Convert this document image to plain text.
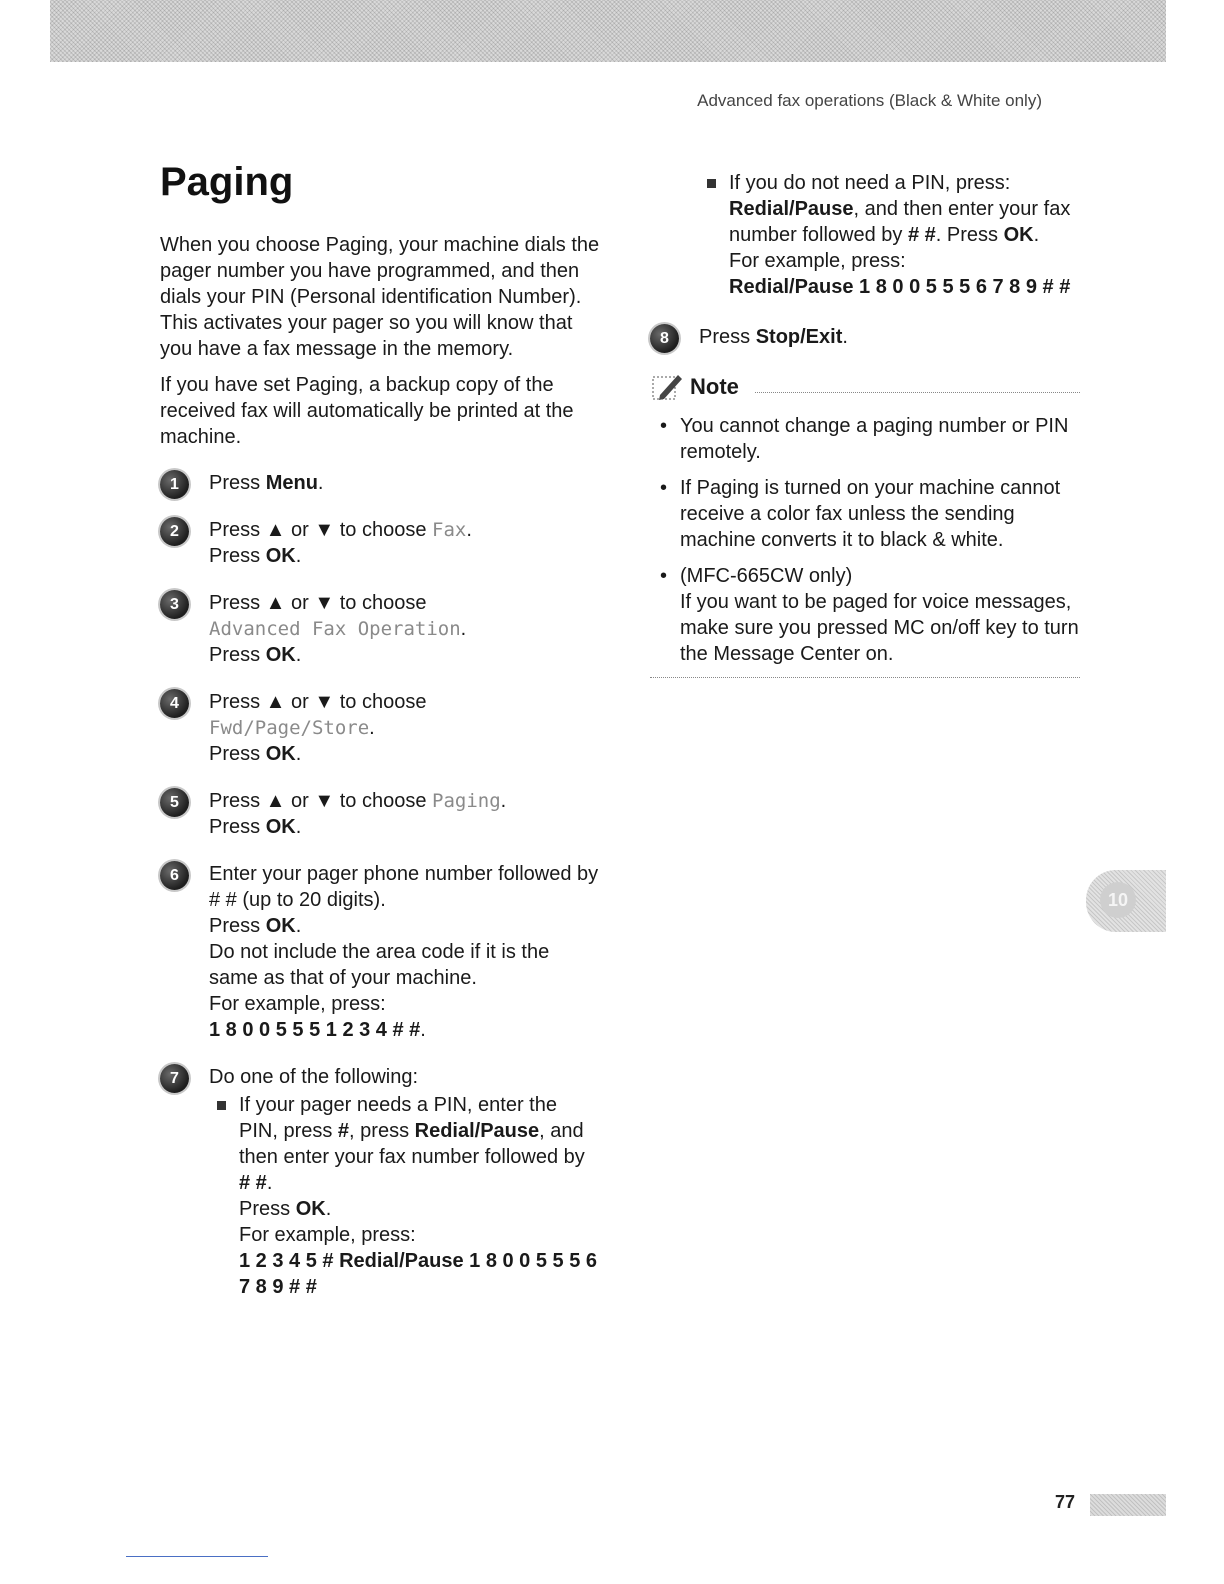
Advanced fax operations (Black & White only)
Paging

When you choose Paging, your machine dials the pager number you have programmed, and then dials your PIN (Personal identification Number). This activates your pager so you will know that you have a fax message in the memory.

If you have set Paging, a backup copy of the received fax will automatically be printed at the machine.

1	Press Menu.

2	Press ▲ or ▼ to choose Fax.

Press OK.

3	Press ▲ or ▼ to choose

Advanced Fax Operation.

Press OK.

4	Press ▲ or ▼ to choose

Fwd/Page/Store.

Press OK.

5	Press ▲ or ▼ to choose Paging.

Press OK.

6	Enter your pager phone number followed by # # (up to 20 digits).

Press OK.

Do not include the area code if it is the same as that of your machine.

For example, press:

1 8 0 0 5 5 5 1 2 3 4 # #.

7	Do one of the following:

If your pager needs a PIN, enter the PIN, press #, press Redial/Pause, and then enter your fax number followed by # #.

Press OK.

For example, press:

1 2 3 4 5 # Redial/Pause 1 8 0 0 5 5 5 6 7 8 9 # #

If you do not need a PIN, press: Redial/Pause, and then enter your fax number followed by # #. Press OK.

For example, press:

Redial/Pause 1 8 0 0 5 5 5 6 7 8 9 # #

8	Press Stop/Exit.

Note
• You cannot change a paging number or PIN remotely.
• If Paging is turned on your machine cannot receive a color fax unless the sending machine converts it to black & white.
• (MFC-665CW only)
If you want to be paged for voice messages, make sure you pressed MC on/off key to turn the Message Center on.
10
77
